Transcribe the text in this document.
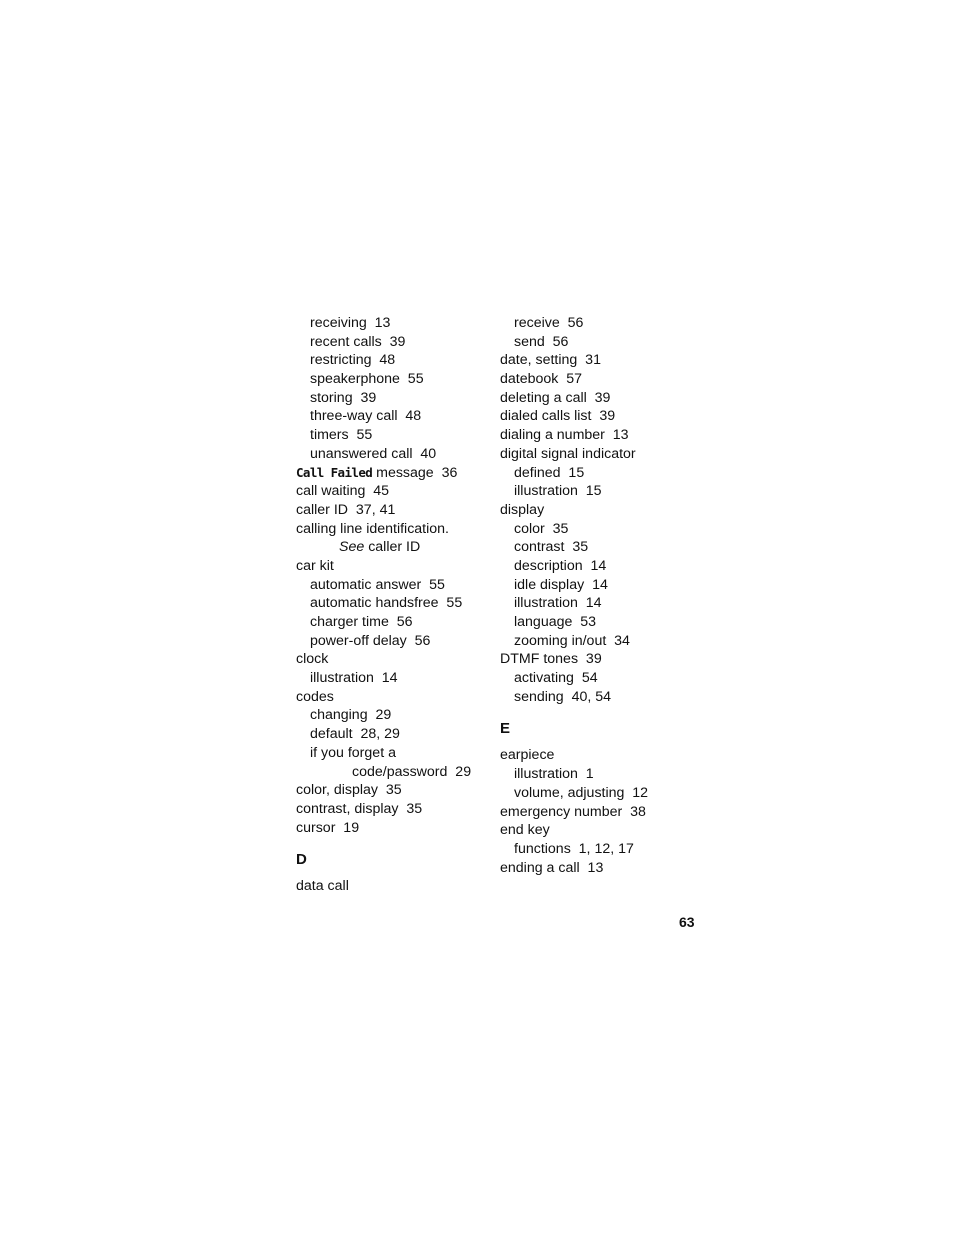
receiving  13
recent calls  39
restricting  48
speakerphone  55
storing  39
three-way call  48
timers  55
unanswered call  40
Call Failed message  36
call waiting  45
caller ID  37, 41
calling line identification.
See caller ID
car kit
automatic answer  55
automatic handsfree  55
charger time  56
power-off delay  56
clock
illustration  14
codes
changing  29
default  28, 29
if you forget a
code/password  29
color, display  35
contrast, display  35
cursor  19
D
data call
receive  56
send  56
date, setting  31
datebook  57
deleting a call  39
dialed calls list  39
dialing a number  13
digital signal indicator
defined  15
illustration  15
display
color  35
contrast  35
description  14
idle display  14
illustration  14
language  53
zooming in/out  34
DTMF tones  39
activating  54
sending  40, 54
E
earpiece
illustration  1
volume, adjusting  12
emergency number  38
end key
functions  1, 12, 17
ending a call  13
63
